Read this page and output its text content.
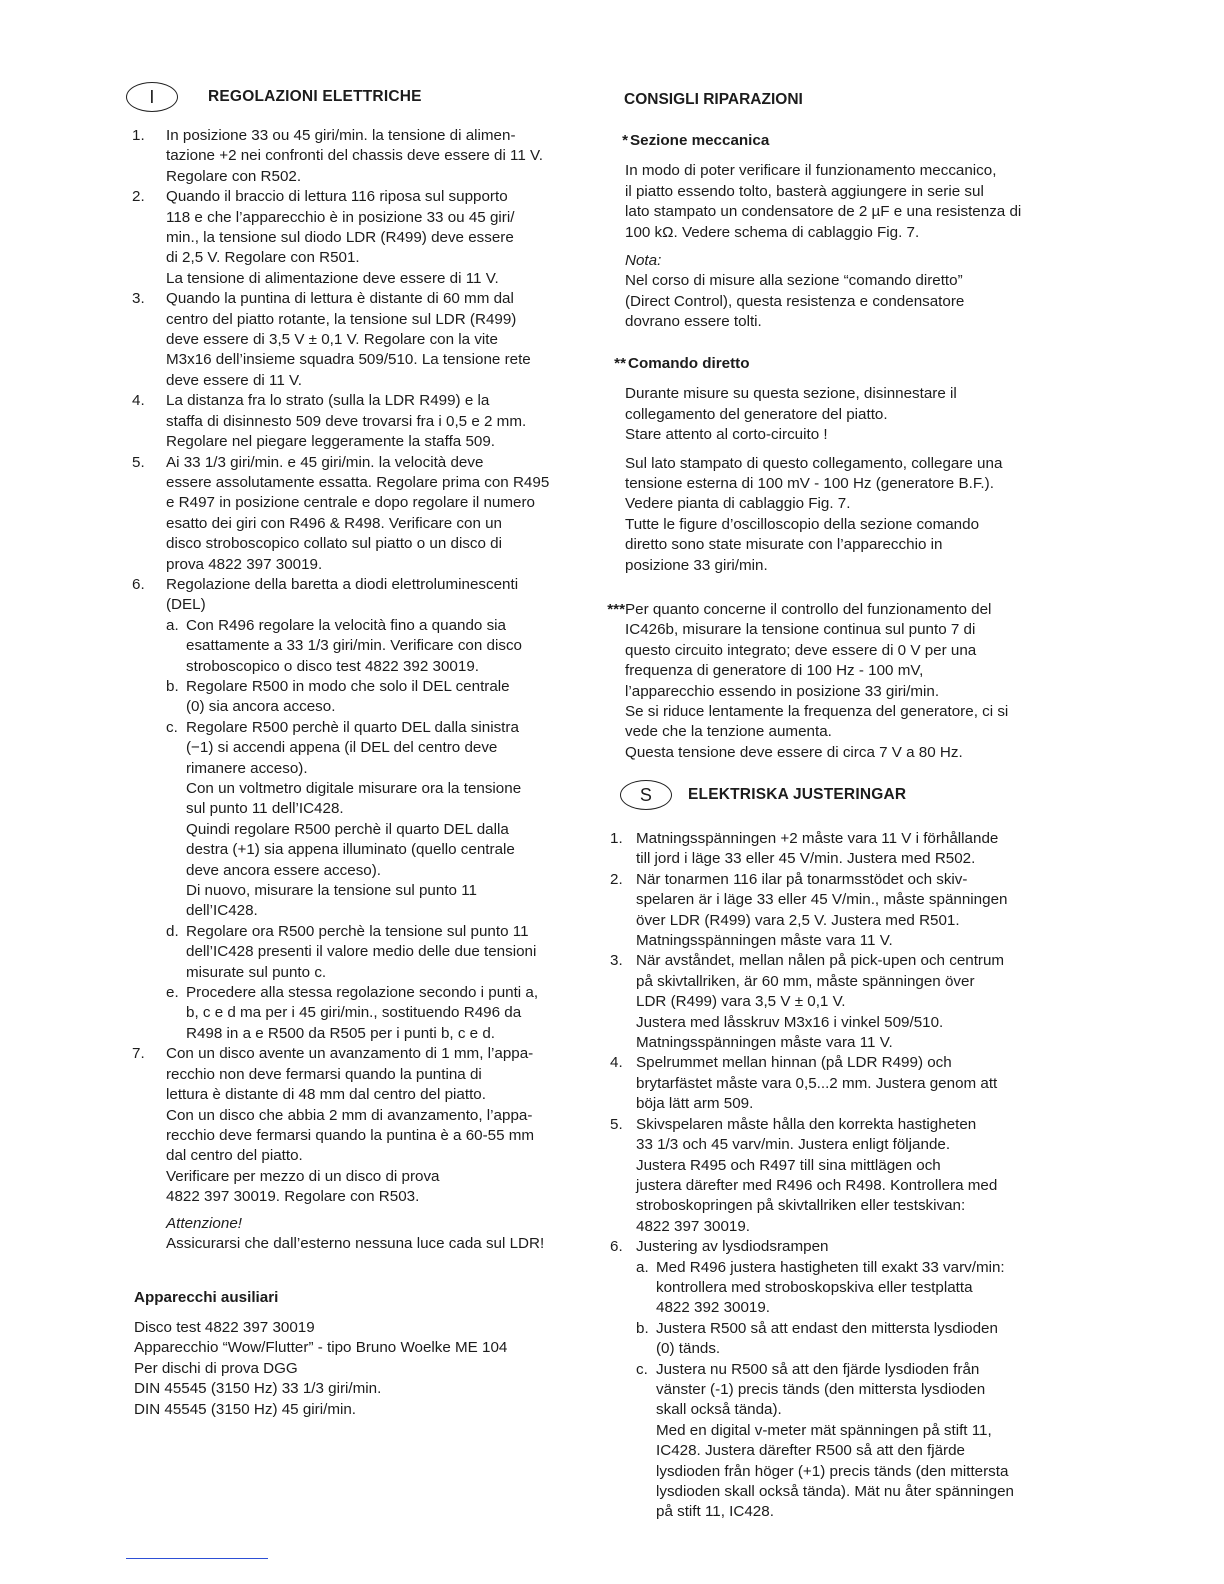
I	REGOLAZIONI ELETTRICHE
1.	In posizione 33 ou 45 giri/min. la tensione di alimen-
tazione +2 nei confronti del chassis deve essere di 11 V.
Regolare con R502.
2.	Quando il braccio di lettura 116 riposa sul supporto
118 e che l’apparecchio è in posizione 33 ou 45 giri/
min., la tensione sul diodo LDR (R499) deve essere
di 2,5 V. Regolare con R501.
La tensione di alimentazione deve essere di 11 V.
3.	Quando la puntina di lettura è distante di 60 mm dal
centro del piatto rotante, la tensione sul LDR (R499)
deve essere di 3,5 V ± 0,1 V. Regolare con la vite
M3x16 dell’insieme squadra 509/510. La tensione rete
deve essere di 11 V.
4.	La distanza fra lo strato (sulla la LDR R499) e la
staffa di disinnesto 509 deve trovarsi fra i 0,5 e 2 mm.
Regolare nel piegare leggeramente la staffa 509.
5.	Ai 33 1/3 giri/min. e 45 giri/min. la velocità deve
essere assolutamente essatta. Regolare prima con R495
e R497 in posizione centrale e dopo regolare il numero
esatto dei giri con R496 & R498. Verificare con un
disco stroboscopico collato sul piatto o un disco di
prova 4822 397 30019.
6.	Regolazione della baretta a diodi elettroluminescenti
(DEL)
a. Con R496 regolare la velocità fino a quando sia
esattamente a 33 1/3 giri/min. Verificare con disco
stroboscopico o disco test 4822 392 30019.
b. Regolare R500 in modo che solo il DEL centrale
(0) sia ancora acceso.
c. Regolare R500 perchè il quarto DEL dalla sinistra
(−1) si accendi appena (il DEL del centro deve
rimanere acceso).
Con un voltmetro digitale misurare ora la tensione
sul punto 11 dell’IC428.
Quindi regolare R500 perchè il quarto DEL dalla
destra (+1) sia appena illuminato (quello centrale
deve ancora essere acceso).
Di nuovo, misurare la tensione sul punto 11
dell’IC428.
d. Regolare ora R500 perchè la tensione sul punto 11
dell’IC428 presenti il valore medio delle due tensioni
misurate sul punto c.
e. Procedere alla stessa regolazione secondo i punti a,
b, c e d ma per i 45 giri/min., sostituendo R496 da
R498 in a e R500 da R505 per i punti b, c e d.
7.	Con un disco avente un avanzamento di 1 mm, l’appa-
recchio non deve fermarsi quando la puntina di
lettura è distante di 48 mm dal centro del piatto.
Con un disco che abbia 2 mm di avanzamento, l’appa-
recchio deve fermarsi quando la puntina è a 60-55 mm
dal centro del piatto.
Verificare per mezzo di un disco di prova
4822 397 30019. Regolare con R503.
Attenzione!
Assicurarsi che dall’esterno nessuna luce cada sul LDR!
Apparecchi ausiliari
Disco test 4822 397 30019
Apparecchio “Wow/Flutter” - tipo Bruno Woelke ME 104
Per dischi di prova DGG
DIN 45545 (3150 Hz) 33 1/3 giri/min.
DIN 45545 (3150 Hz) 45 giri/min.
CONSIGLI RIPARAZIONI
* Sezione meccanica
In modo di poter verificare il funzionamento meccanico,
il piatto essendo tolto, basterà aggiungere in serie sul
lato stampato un condensatore de 2 µF e una resistenza di
100 kΩ. Vedere schema di cablaggio Fig. 7.
Nota:
Nel corso di misure alla sezione “comando diretto”
(Direct Control), questa resistenza e condensatore
dovrano essere tolti.
** Comando diretto
Durante misure su questa sezione, disinnestare il
collegamento del generatore del piatto.
Stare attento al corto-circuito !
Sul lato stampato di questo collegamento, collegare una
tensione esterna di 100 mV - 100 Hz (generatore B.F.).
Vedere pianta di cablaggio Fig. 7.
Tutte le figure d’oscilloscopio della sezione comando
diretto sono state misurate con l’apparecchio in
posizione 33 giri/min.
*** Per quanto concerne il controllo del funzionamento del
IC426b, misurare la tensione continua sul punto 7 di
questo circuito integrato; deve essere di 0 V per una
frequenza di generatore di 100 Hz - 100 mV,
l’apparecchio essendo in posizione 33 giri/min.
Se si riduce lentamente la frequenza del generatore, ci si
vede che la tenzione aumenta.
Questa tensione deve essere di circa 7 V a 80 Hz.
S	ELEKTRISKA JUSTERINGAR
1. Matningsspänningen +2 måste vara 11 V i förhållande
till jord i läge 33 eller 45 V/min. Justera med R502.
2. När tonarmen 116 ilar på tonarmsstödet och skiv-
spelaren är i läge 33 eller 45 V/min., måste spänningen
över LDR (R499) vara 2,5 V. Justera med R501.
Matningsspänningen måste vara 11 V.
3. När avståndet, mellan nålen på pick-upen och centrum
på skivtallriken, är 60 mm, måste spänningen över
LDR (R499) vara 3,5 V ± 0,1 V.
Justera med låsskruv M3x16 i vinkel 509/510.
Matningsspänningen måste vara 11 V.
4. Spelrummet mellan hinnan (på LDR R499) och
brytarfästet måste vara 0,5...2 mm. Justera genom att
böja lätt arm 509.
5. Skivspelaren måste hålla den korrekta hastigheten
33 1/3 och 45 varv/min. Justera enligt följande.
Justera R495 och R497 till sina mittlägen och
justera därefter med R496 och R498. Kontrollera med
stroboskopringen på skivtallriken eller testskivan:
4822 397 30019.
6. Justering av lysdiodsrampen
a. Med R496 justera hastigheten till exakt 33 varv/min:
kontrollera med stroboskopskiva eller testplatta
4822 392 30019.
b. Justera R500 så att endast den mittersta lysdioden
(0) tänds.
c. Justera nu R500 så att den fjärde lysdioden från
vänster (-1) precis tänds (den mittersta lysdioden
skall också tända).
Med en digital v-meter mät spänningen på stift 11,
IC428. Justera därefter R500 så att den fjärde
lysdioden från höger (+1) precis tänds (den mittersta
lysdioden skall också tända). Mät nu åter spänningen
på stift 11, IC428.
